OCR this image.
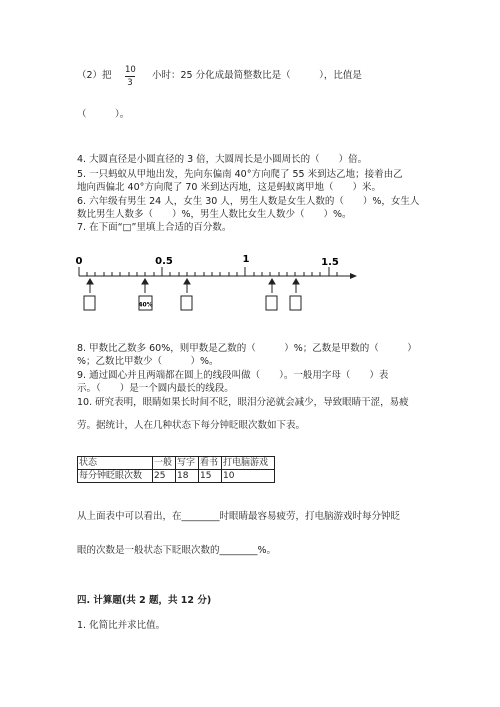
（2）把 10
3
小时：25 分化成最简整数比是（　　　），比值是
（　　　）。
4. 大圆直径是小圆直径的 3 倍，大圆周长是小圆周长的（　　）倍。
5. 一只蚂蚁从甲地出发，先向东偏南 40°方向爬了 55 米到达乙地；接着由乙
地向西偏北 40°方向爬了 70 米到达丙地，这是蚂蚁离甲地（　　）米。
6. 六年级有男生 24 人，女生 30 人，男生人数是女生人数的（　　）%，女生人
数比男生人数多（　　）%，男生人数比女生人数少（　　）%。
7. 在下面“□”里填上合适的百分数。
0	0.5	1	1.5
40%
8. 甲数比乙数多 60%，则甲数是乙数的（　　　）%；乙数是甲数的（　　　）
%；乙数比甲数少（　　　）%。
9. 通过圆心并且两端都在圆上的线段叫做（　　）。一般用字母（　　）表
示。（　　）是一个圆内最长的线段。
10. 研究表明，眼睛如果长时间不眨，眼泪分泌就会减少，导致眼睛干涩，易疲
劳。据统计，人在几种状态下每分钟眨眼次数如下表。
状态	一般	写字	看书	打电脑游戏
每分钟眨眼次数	25	18	15	10
从上面表中可以看出，在________时眼睛最容易疲劳，打电脑游戏时每分钟眨
眼的次数是一般状态下眨眼次数的________%。
四. 计算题(共 2 题，共 12 分)
1. 化简比并求比值。
